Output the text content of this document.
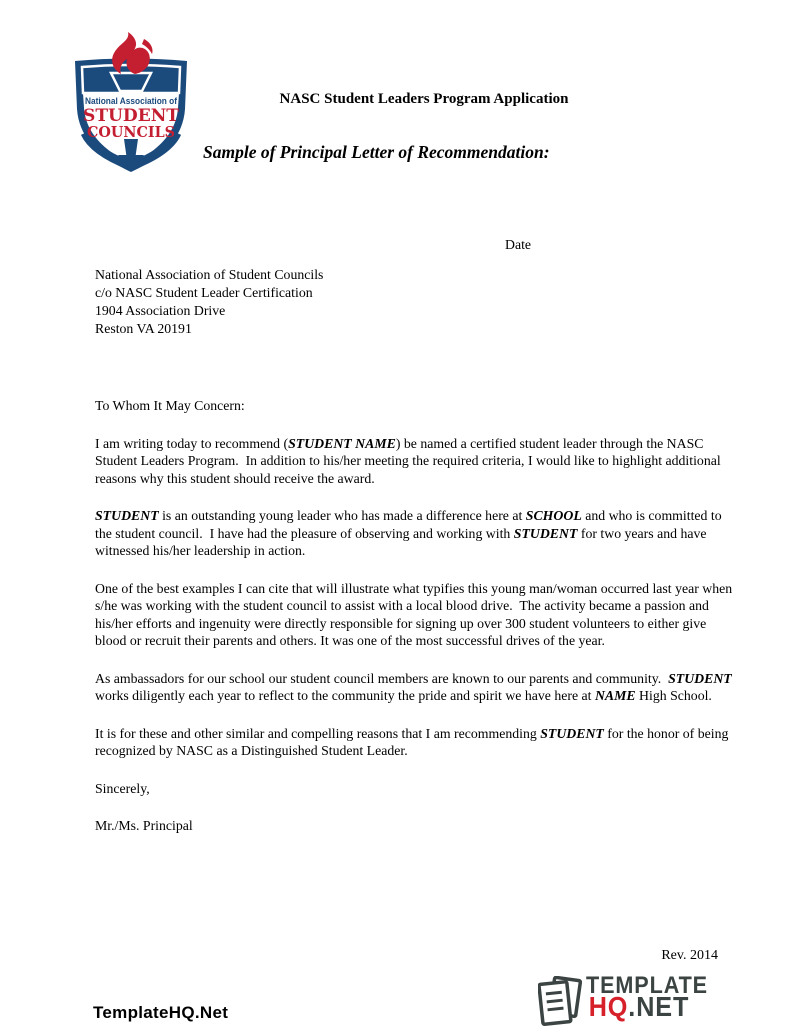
National Association of
STUDENT
COUNCILS
NASC Student Leaders Program Application
Sample of Principal Letter of Recommendation:
Date
National Association of Student Councils
c/o NASC Student Leader Certification
1904 Association Drive
Reston VA 20191

To Whom It May Concern:

I am writing today to recommend (STUDENT NAME) be named a certified student leader through the NASC Student Leaders Program.  In addition to his/her meeting the required criteria, I would like to highlight additional reasons why this student should receive the award.

STUDENT is an outstanding young leader who has made a difference here at SCHOOL and who is committed to the student council.  I have had the pleasure of observing and working with STUDENT for two years and have witnessed his/her leadership in action.

One of the best examples I can cite that will illustrate what typifies this young man/woman occurred last year when s/he was working with the student council to assist with a local blood drive.  The activity became a passion and his/her efforts and ingenuity were directly responsible for signing up over 300 student volunteers to either give blood or recruit their parents and others. It was one of the most successful drives of the year.

As ambassadors for our school our student council members are known to our parents and community.  STUDENT works diligently each year to reflect to the community the pride and spirit we have here at NAME High School.

It is for these and other similar and compelling reasons that I am recommending STUDENT for the honor of being recognized by NASC as a Distinguished Student Leader.

Sincerely,

Mr./Ms. Principal

Rev. 2014
TEMPLATE
HQ.NET
TemplateHQ.Net
